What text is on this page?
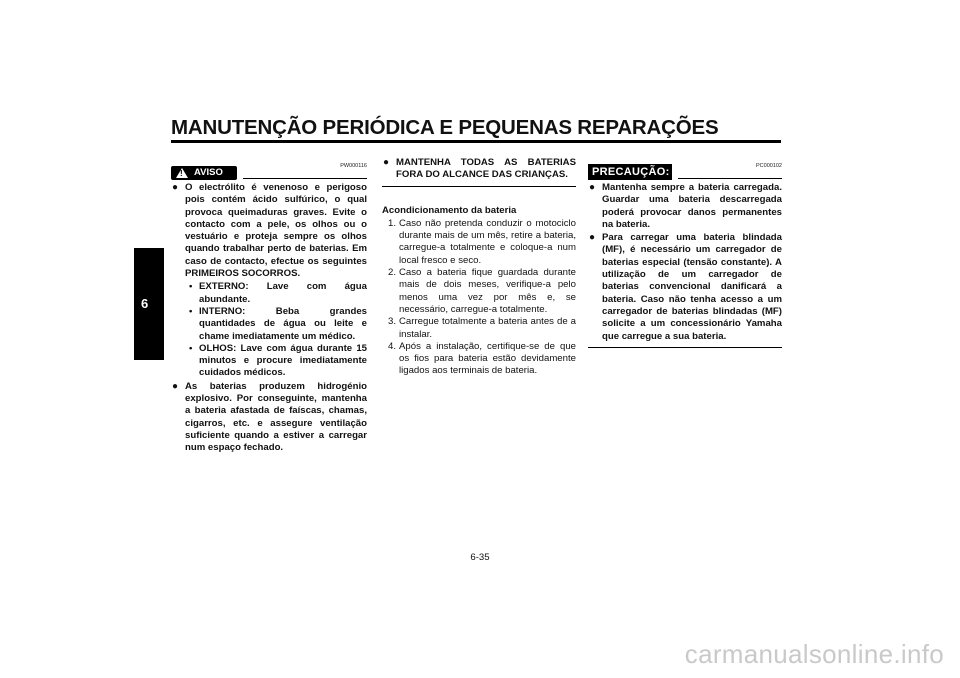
MANUTENÇÃO PERIÓDICA E PEQUENAS REPARAÇÕES
6
!
AVISO
PW000116
● O electrólito é venenoso e perigoso pois contém ácido sulfúrico, o qual provoca queimaduras graves. Evite o contacto com a pele, os olhos ou o vestuário e proteja sempre os olhos quando trabalhar perto de baterias. Em caso de contacto, efectue os seguintes PRIMEIROS SOCORROS.
• EXTERNO: Lave com água abundante.
• INTERNO: Beba grandes quantidades de água ou leite e chame imediatamente um médico.
• OLHOS: Lave com água durante 15 minutos e procure imediatamente cuidados médicos.
● As baterias produzem hidrogénio explosivo. Por conseguinte, mantenha a bateria afastada de faíscas, chamas, cigarros, etc. e assegure ventilação suficiente quando a estiver a carregar num espaço fechado.
● MANTENHA TODAS AS BATERIAS FORA DO ALCANCE DAS CRIANÇAS.
Acondicionamento da bateria
1. Caso não pretenda conduzir o motociclo durante mais de um mês, retire a bateria, carregue-a totalmente e coloque-a num local fresco e seco.
2. Caso a bateria fique guardada durante mais de dois meses, verifique-a pelo menos uma vez por mês e, se necessário, carregue-a totalmente.
3. Carregue totalmente a bateria antes de a instalar.
4. Após a instalação, certifique-se de que os fios para bateria estão devidamente ligados aos terminais de bateria.
PRECAUÇÃO:	PC000102
● Mantenha sempre a bateria carregada. Guardar uma bateria descarregada poderá provocar danos permanentes na bateria.
● Para carregar uma bateria blindada (MF), é necessário um carregador de baterias especial (tensão constante). A utilização de um carregador de baterias convencional danificará a bateria. Caso não tenha acesso a um carregador de baterias blindadas (MF) solicite a um concessionário Yamaha que carregue a sua bateria.
6-35
carmanualsonline.info
